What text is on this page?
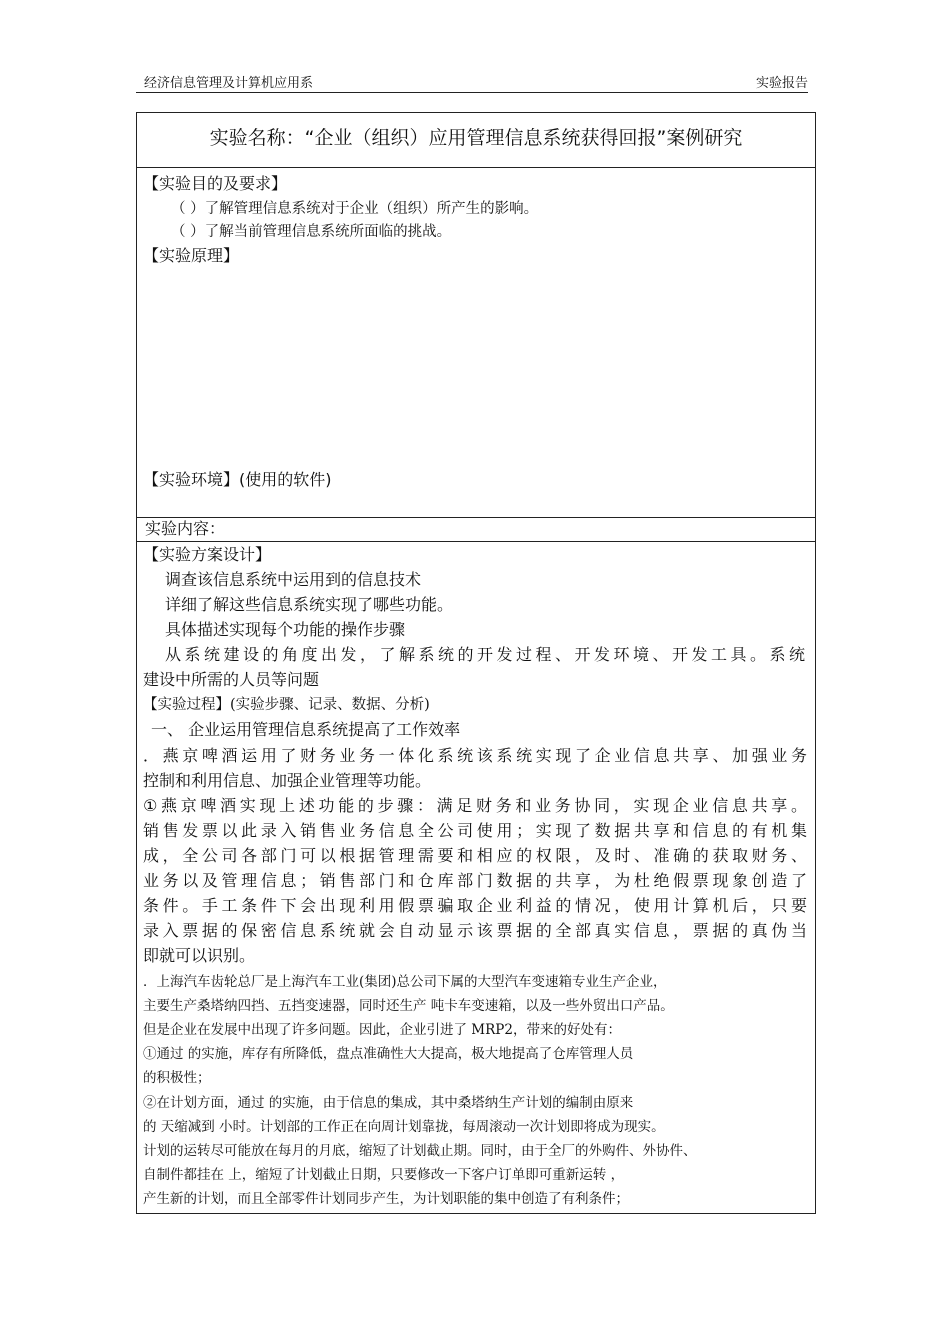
经济信息管理及计算机应用系	实验报告
实验名称：“企业（组织）应用管理信息系统获得回报”案例研究
【实验目的及要求】
（ ）了解管理信息系统对于企业（组织）所产生的影响。
（ ）了解当前管理信息系统所面临的挑战。
【实验原理】
【实验环境】(使用的软件)
实验内容：
【实验方案设计】
调查该信息系统中运用到的信息技术
详细了解这些信息系统实现了哪些功能。
具体描述实现每个功能的操作步骤
从系统建设的角度出发，了解系统的开发过程、开发环境、开发工具。系统
建设中所需的人员等问题
【实验过程】(实验步骤、记录、数据、分析)
一、 企业运用管理信息系统提高了工作效率
．燕京啤酒运用了财务业务一体化系统该系统实现了企业信息共享、加强业务
控制和利用信息、加强企业管理等功能。
①燕京啤酒实现上述功能的步骤：满足财务和业务协同，实现企业信息共享。
销售发票以此录入销售业务信息全公司使用；实现了数据共享和信息的有机集
成，全公司各部门可以根据管理需要和相应的权限，及时、准确的获取财务、
业务以及管理信息；销售部门和仓库部门数据的共享，为杜绝假票现象创造了
条件。手工条件下会出现利用假票骗取企业利益的情况，使用计算机后，只要
录入票据的保密信息系统就会自动显示该票据的全部真实信息，票据的真伪当
即就可以识别。
．上海汽车齿轮总厂是上海汽车工业(集团)总公司下属的大型汽车变速箱专业生产企业，
主要生产桑塔纳四挡、五挡变速器，同时还生产 吨卡车变速箱，以及一些外贸出口产品。
但是企业在发展中出现了许多问题。因此，企业引进了 MRP2，带来的好处有：
①通过 的实施，库存有所降低，盘点准确性大大提高，极大地提高了仓库管理人员
的积极性；
②在计划方面，通过 的实施，由于信息的集成，其中桑塔纳生产计划的编制由原来
的 天缩减到 小时。计划部的工作正在向周计划靠拢，每周滚动一次计划即将成为现实。
计划的运转尽可能放在每月的月底，缩短了计划截止期。同时，由于全厂的外购件、外协件、
自制件都挂在 上，缩短了计划截止日期，只要修改一下客户订单即可重新运转 ，
产生新的计划，而且全部零件计划同步产生，为计划职能的集中创造了有利条件；
